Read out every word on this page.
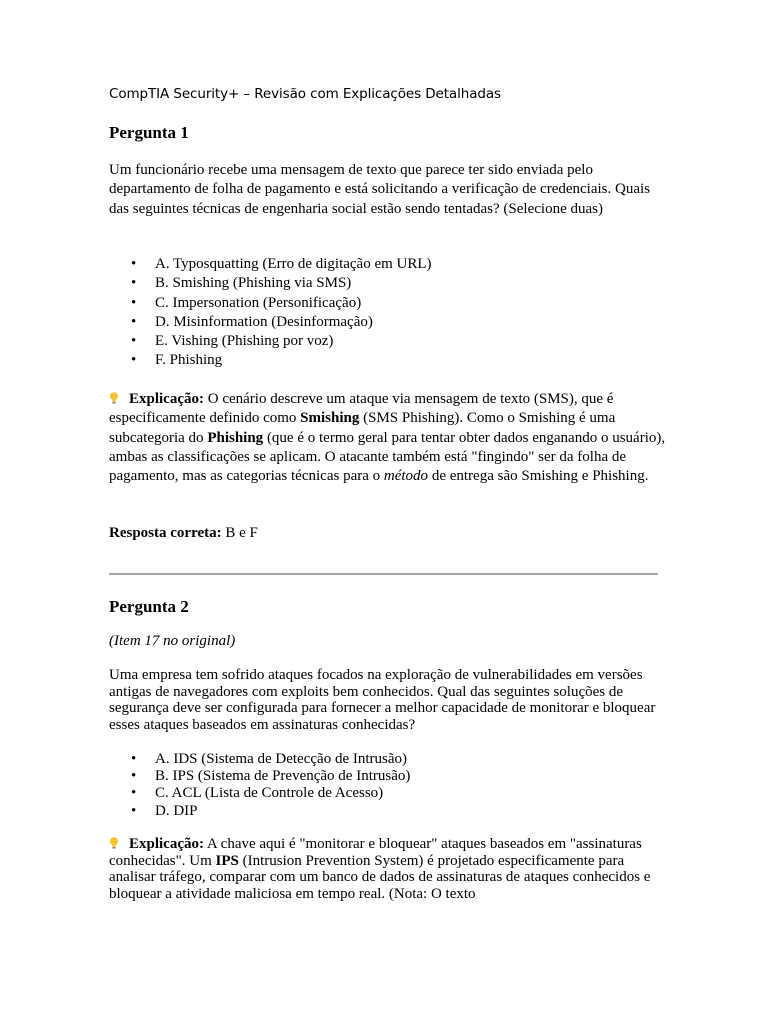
CompTIA Security+ – Revisão com Explicações Detalhadas
Pergunta 1
Um funcionário recebe uma mensagem de texto que parece ter sido enviada pelo departamento de folha de pagamento e está solicitando a verificação de credenciais. Quais das seguintes técnicas de engenharia social estão sendo tentadas? (Selecione duas)
• A. Typosquatting (Erro de digitação em URL)
• B. Smishing (Phishing via SMS)
• C. Impersonation (Personificação)
• D. Misinformation (Desinformação)
• E. Vishing (Phishing por voz)
• F. Phishing
Explicação: O cenário descreve um ataque via mensagem de texto (SMS), que é especificamente definido como Smishing (SMS Phishing). Como o Smishing é uma subcategoria do Phishing (que é o termo geral para tentar obter dados enganando o usuário), ambas as classificações se aplicam. O atacante também está "fingindo" ser da folha de pagamento, mas as categorias técnicas para o método de entrega são Smishing e Phishing.
Resposta correta: B e F
Pergunta 2
(Item 17 no original)
Uma empresa tem sofrido ataques focados na exploração de vulnerabilidades em versões antigas de navegadores com exploits bem conhecidos. Qual das seguintes soluções de segurança deve ser configurada para fornecer a melhor capacidade de monitorar e bloquear esses ataques baseados em assinaturas conhecidas?
• A. IDS (Sistema de Detecção de Intrusão)
• B. IPS (Sistema de Prevenção de Intrusão)
• C. ACL (Lista de Controle de Acesso)
• D. DIP
Explicação: A chave aqui é "monitorar e bloquear" ataques baseados em "assinaturas conhecidas". Um IPS (Intrusion Prevention System) é projetado especificamente para analisar tráfego, comparar com um banco de dados de assinaturas de ataques conhecidos e bloquear a atividade maliciosa em tempo real. (Nota: O texto
